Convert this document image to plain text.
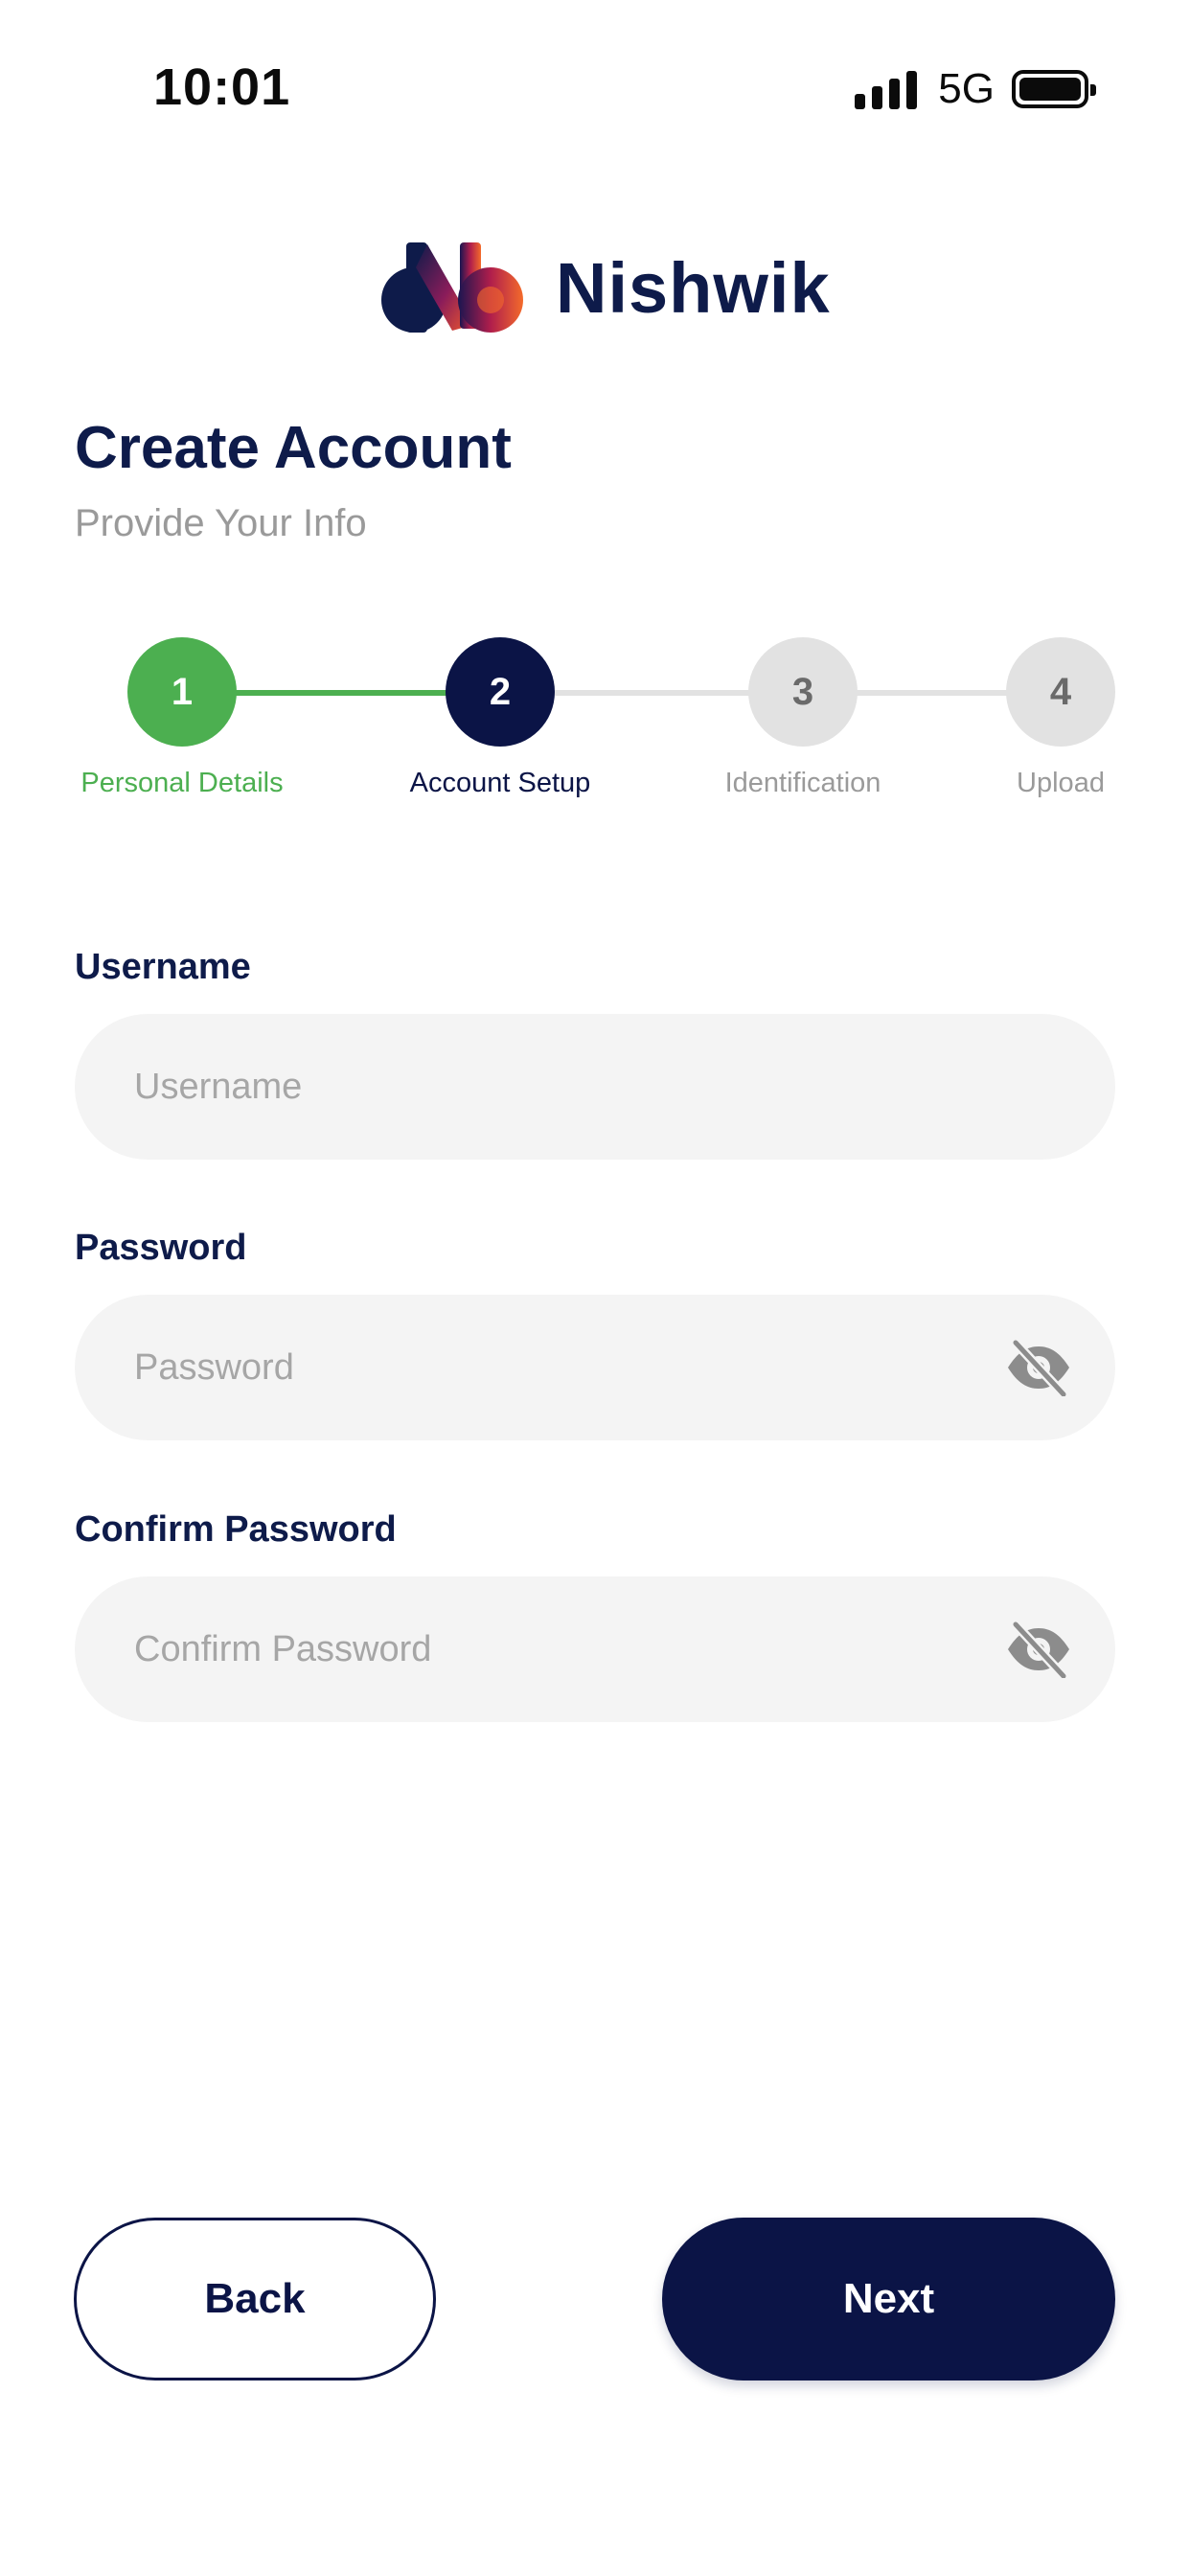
10:01	5G
Nishwik
Create Account
Provide Your Info
1	2	3	4
Personal Details	Account Setup	Identification	Upload
Username
Username
Password
Confirm Password
Back	Next
